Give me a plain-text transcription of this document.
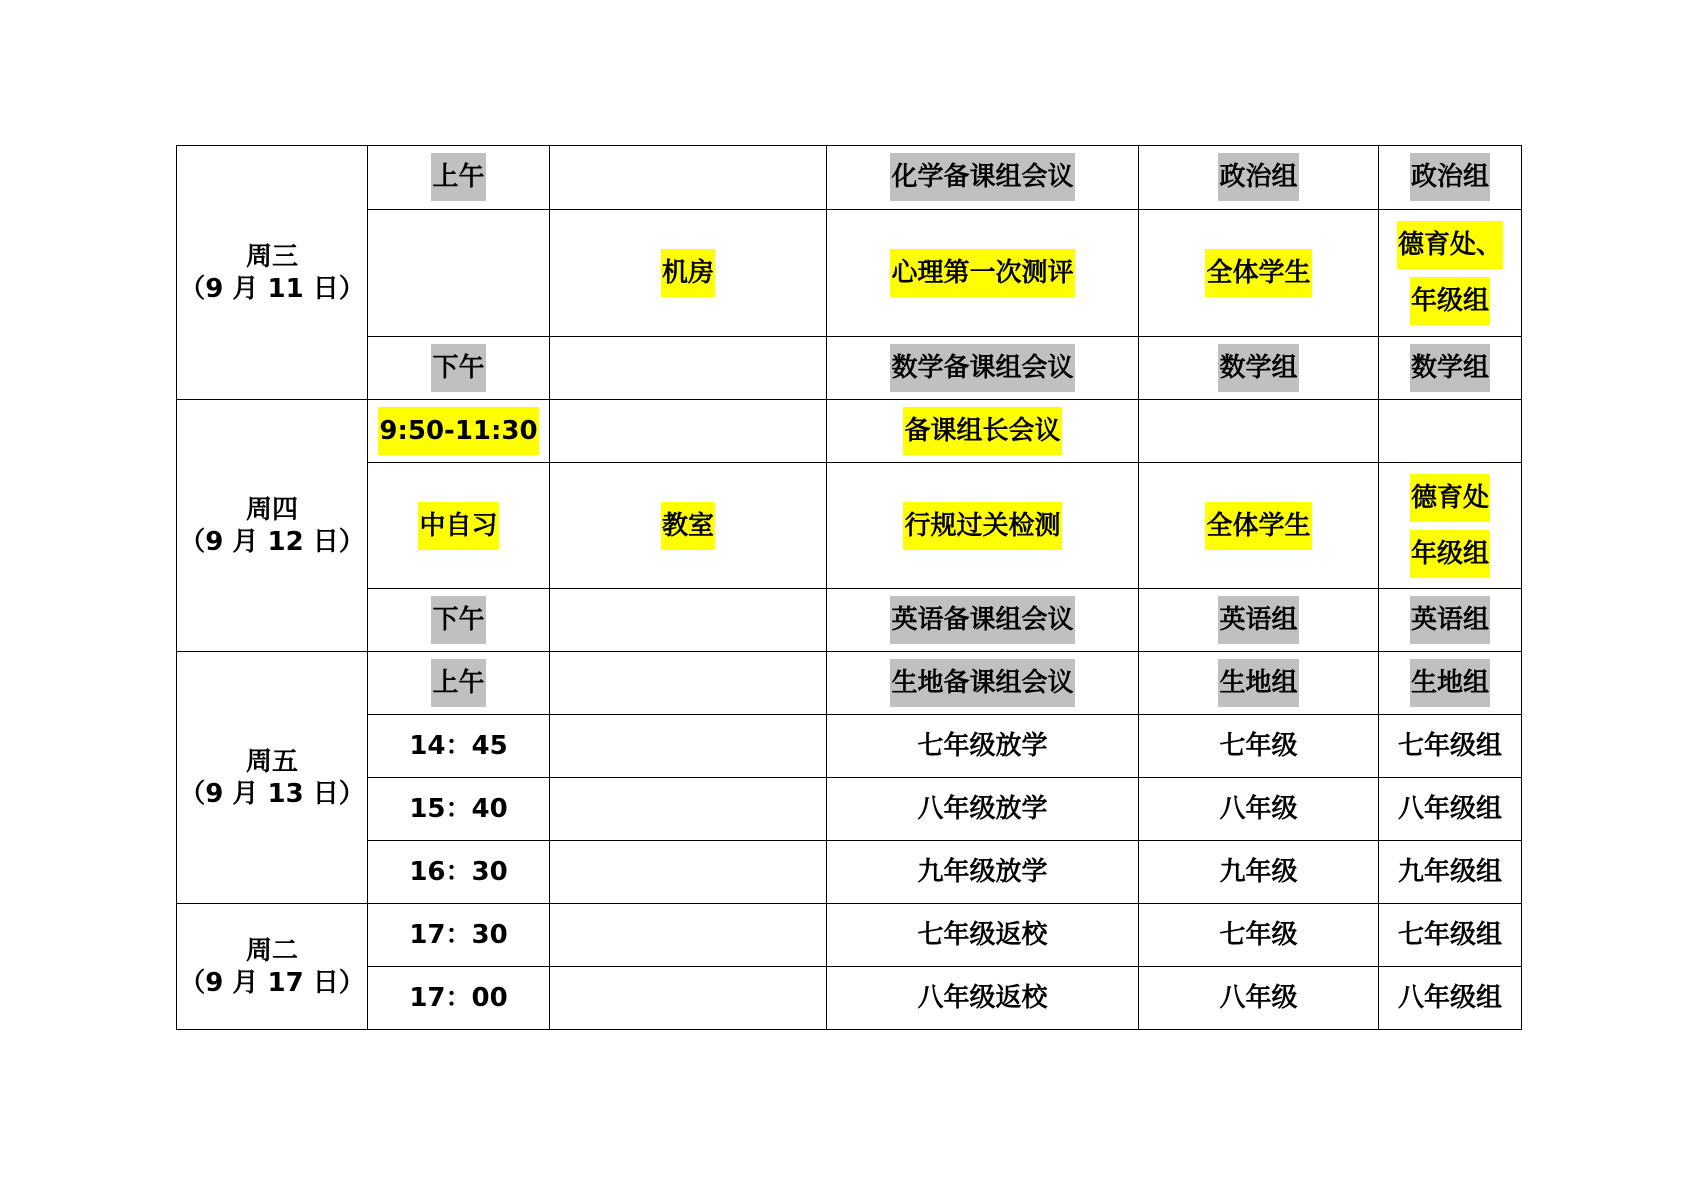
周三
（9 月 11 日）	上午		化学备课组会议	政治组	政治组
		机房	心理第一次测评	全体学生	德育处、
年级组

	下午		数学备课组会议	数学组	数学组

周四
（9 月 12 日）	9:50-11:30		备课组长会议		
	中自习	教室	行规过关检测	全体学生	德育处
年级组

	下午		英语备课组会议	英语组	英语组

周五
（9 月 13 日）	上午		生地备课组会议	生地组	生地组
	14：45		七年级放学	七年级	七年级组
	15：40		八年级放学	八年级	八年级组
	16：30		九年级放学	九年级	九年级组

周二
（9 月 17 日）	17：30		七年级返校	七年级	七年级组
	17：00		八年级返校	八年级	八年级组
